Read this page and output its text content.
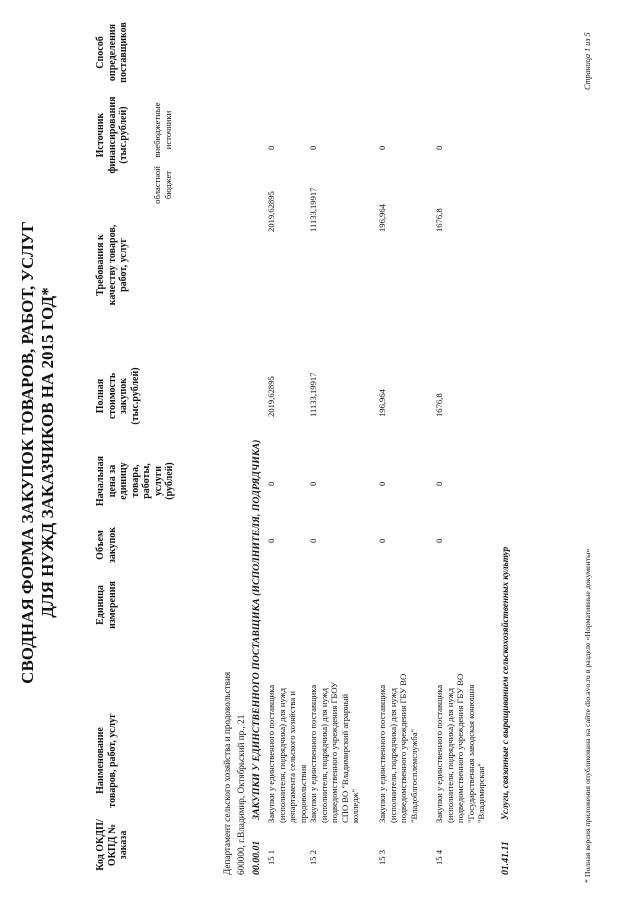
СВОДНАЯ ФОРМА ЗАКУПОК ТОВАРОВ, РАБОТ, УСЛУГ ДЛЯ НУЖД ЗАКАЗЧИКОВ НА 2015 ГОД*
Код ОКДП/ ОКПД № заказа
Наименование товаров, работ, услуг
Единица измерения
Объем закупок
Начальная цена за единицу товара, работы, услуги (рублей)
Полная стоимость закупок (тыс.рублей)
Требования к качеству товаров, работ, услуг
Источник финансирования (тыс.рублей)
Способ определения поставщиков
областной бюджет
внебюджетные источники
Департамент сельского хозяйства и продовольствия 600000, г.Владимир, Октябрьский пр., 21 00.00.01
ЗАКУПКИ У ЕДИНСТВЕННОГО ПОСТАВЩИКА (ИСПОЛНИТЕЛЯ, ПОДРЯДЧИКА)
15 1
Закупки у единственного поставщика (исполнителя, подрядчика) для нужд департамента сельского хозяйства и продовольствия
0
0
2019,62895
2019,62895
0
15 2
Закупки у единственного поставщика (исполнителя, подрядчика) для нужд подведомственного учреждения ГБОУ СПО ВО "Владимирский аграрный колледж"
0
0
11133,19917
11133,19917
0
15 3
Закупки у единственного поставщика (исполнителя, подрядчика) для нужд подведомственного учреждения ГБУ ВО "Владоблгосплемслужба"
0
0
196,964
196,964
0
15 4
Закупки у единственного поставщика (исполнителя, подрядчика) для нужд подведомственного учреждения ГБУ ВО "Государственная заводская конюшня "Владимирская"
0
0
1676,8
1676,8
0
01.41.11
Услуги, связанные с выращиванием сельскохозяйственных культур	* Полная версия приложения опубликована на сайте dio.avo.ru в разделе «Нормативные документы»
Страница 1 из 5
